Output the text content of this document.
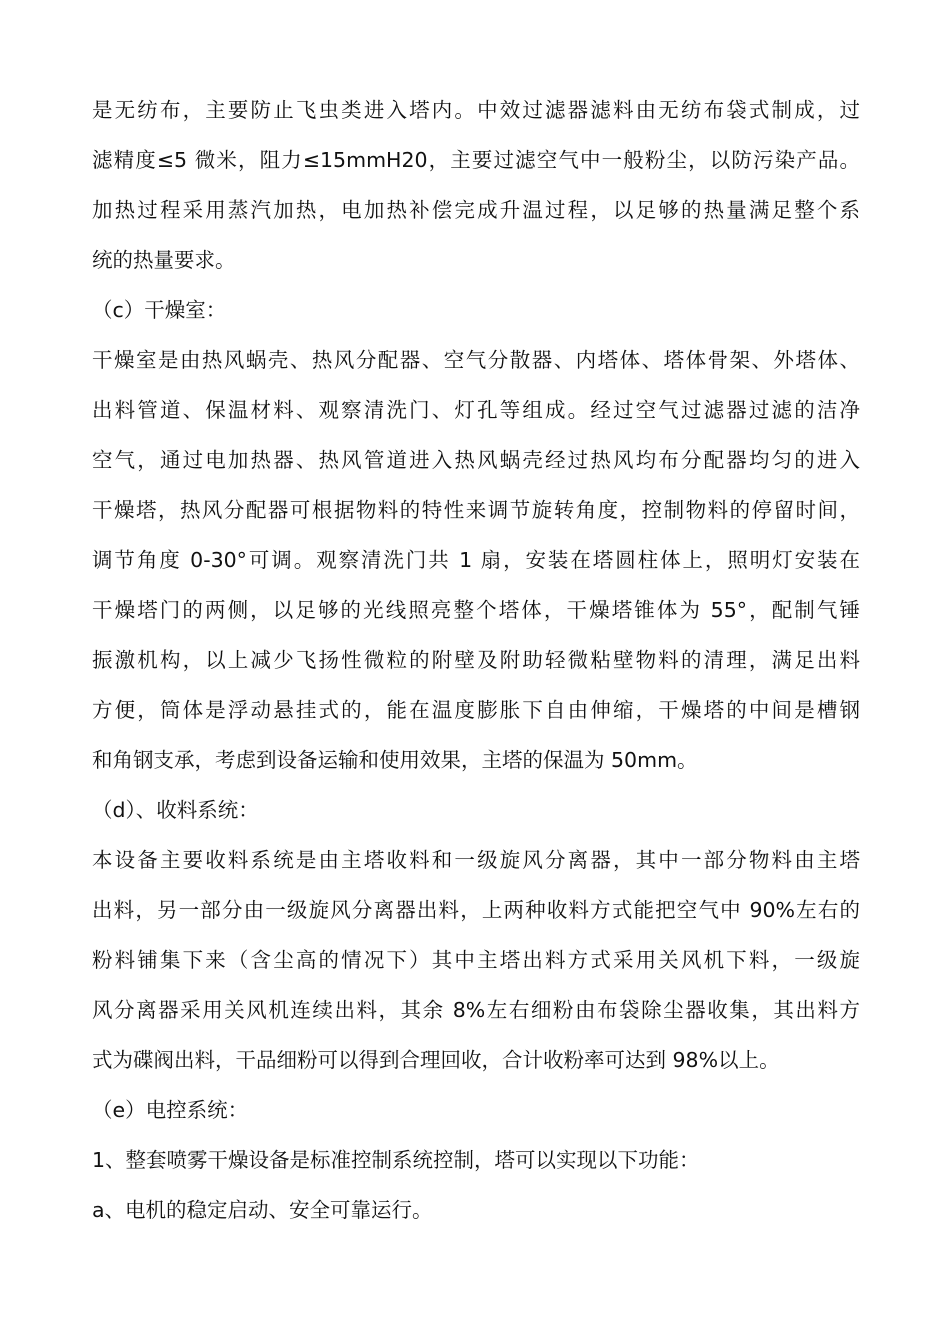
是无纺布，主要防止飞虫类进入塔内。中效过滤器滤料由无纺布袋式制成，过
滤精度≤5 微米，阻力≤15mmH20，主要过滤空气中一般粉尘，以防污染产品。
加热过程采用蒸汽加热，电加热补偿完成升温过程，以足够的热量满足整个系
统的热量要求。
（c）干燥室：
干燥室是由热风蜗壳、热风分配器、空气分散器、内塔体、塔体骨架、外塔体、
出料管道、保温材料、观察清洗门、灯孔等组成。经过空气过滤器过滤的洁净
空气，通过电加热器、热风管道进入热风蜗壳经过热风均布分配器均匀的进入
干燥塔，热风分配器可根据物料的特性来调节旋转角度，控制物料的停留时间，
调节角度 0-30°可调。观察清洗门共 1 扇，安装在塔圆柱体上，照明灯安装在
干燥塔门的两侧，以足够的光线照亮整个塔体，干燥塔锥体为 55°，配制气锤
振激机构，以上减少飞扬性微粒的附壁及附助轻微粘壁物料的清理，满足出料
方便，筒体是浮动悬挂式的，能在温度膨胀下自由伸缩，干燥塔的中间是槽钢
和角钢支承，考虑到设备运输和使用效果，主塔的保温为 50mm。
（d）、收料系统：
本设备主要收料系统是由主塔收料和一级旋风分离器，其中一部分物料由主塔
出料，另一部分由一级旋风分离器出料，上两种收料方式能把空气中 90%左右的
粉料铺集下来（含尘高的情况下）其中主塔出料方式采用关风机下料，一级旋
风分离器采用关风机连续出料，其余 8%左右细粉由布袋除尘器收集，其出料方
式为碟阀出料，干品细粉可以得到合理回收，合计收粉率可达到 98%以上。
（e）电控系统：
1、整套喷雾干燥设备是标准控制系统控制，塔可以实现以下功能：
a、电机的稳定启动、安全可靠运行。
